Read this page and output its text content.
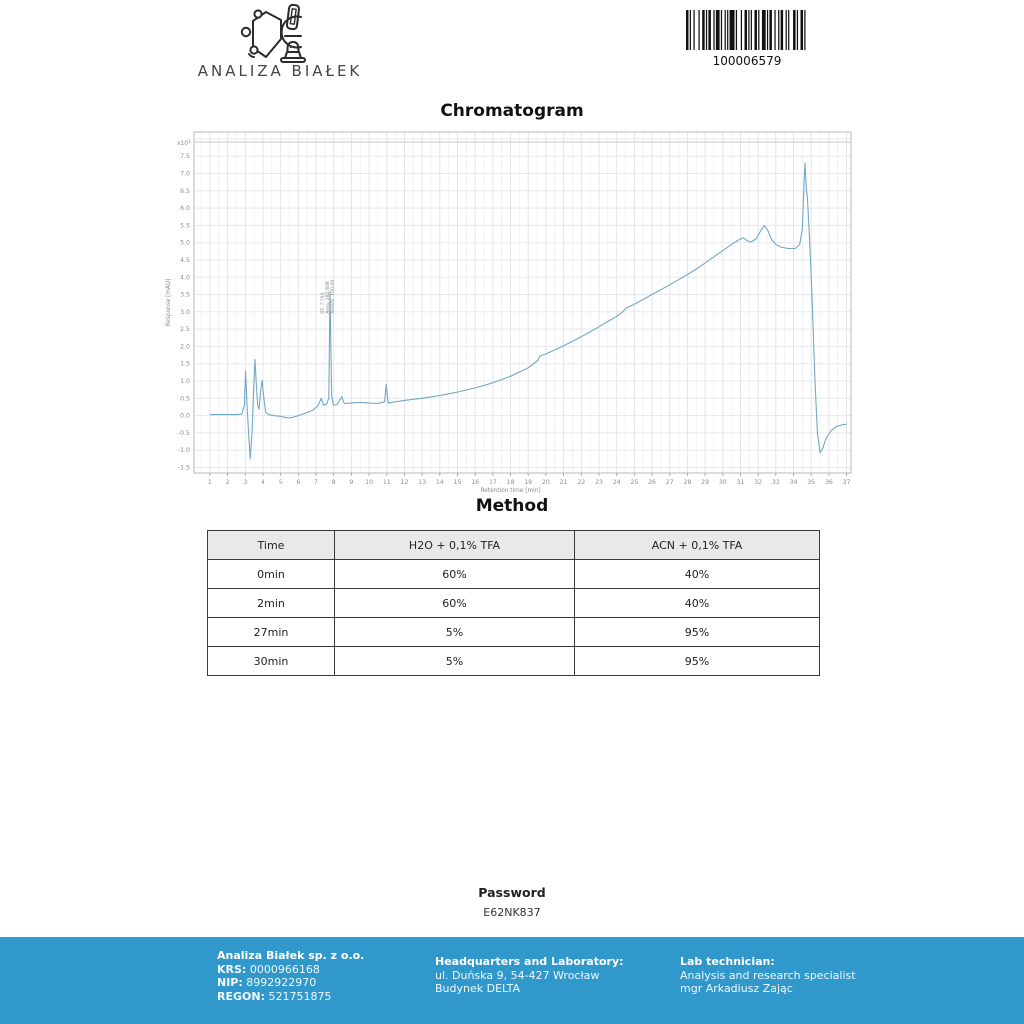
ANALIZA BIAŁEK
100006579
Chromatogram
$x10^1$
7.5
7.0
6.5
6.0
5.5
5.0
4.5
4.0
3.5
3.0
2.5
2.0
1.5
1.0
0.5
0.0
-0.5
-1.0
-1.5
1 2 3 4 5 6 7 8 9 10 11 12 13 14 15 16 17 18 19 20 21 22 23 24 25 26 27 28 29 30 31 32 33 34 35 36 37
Retention time [min]
Response [mAU]	RT: 7.793 Area: 282.808 Area%: 100.00
Method
Time	H2O + 0,1% TFA	ACN + 0,1% TFA
0min	60%	40%
2min	60%	40%
27min	5%	95%
30min	5%	95%
Password
E62NK837
Analiza Białek sp. z o.o.
KRS: 0000966168
NIP: 8992922970
REGON: 521751875
Headquarters and Laboratory:
ul. Duńska 9, 54-427 Wrocław
Budynek DELTA
Lab technician:
Analysis and research specialist
mgr Arkadiusz Zając
